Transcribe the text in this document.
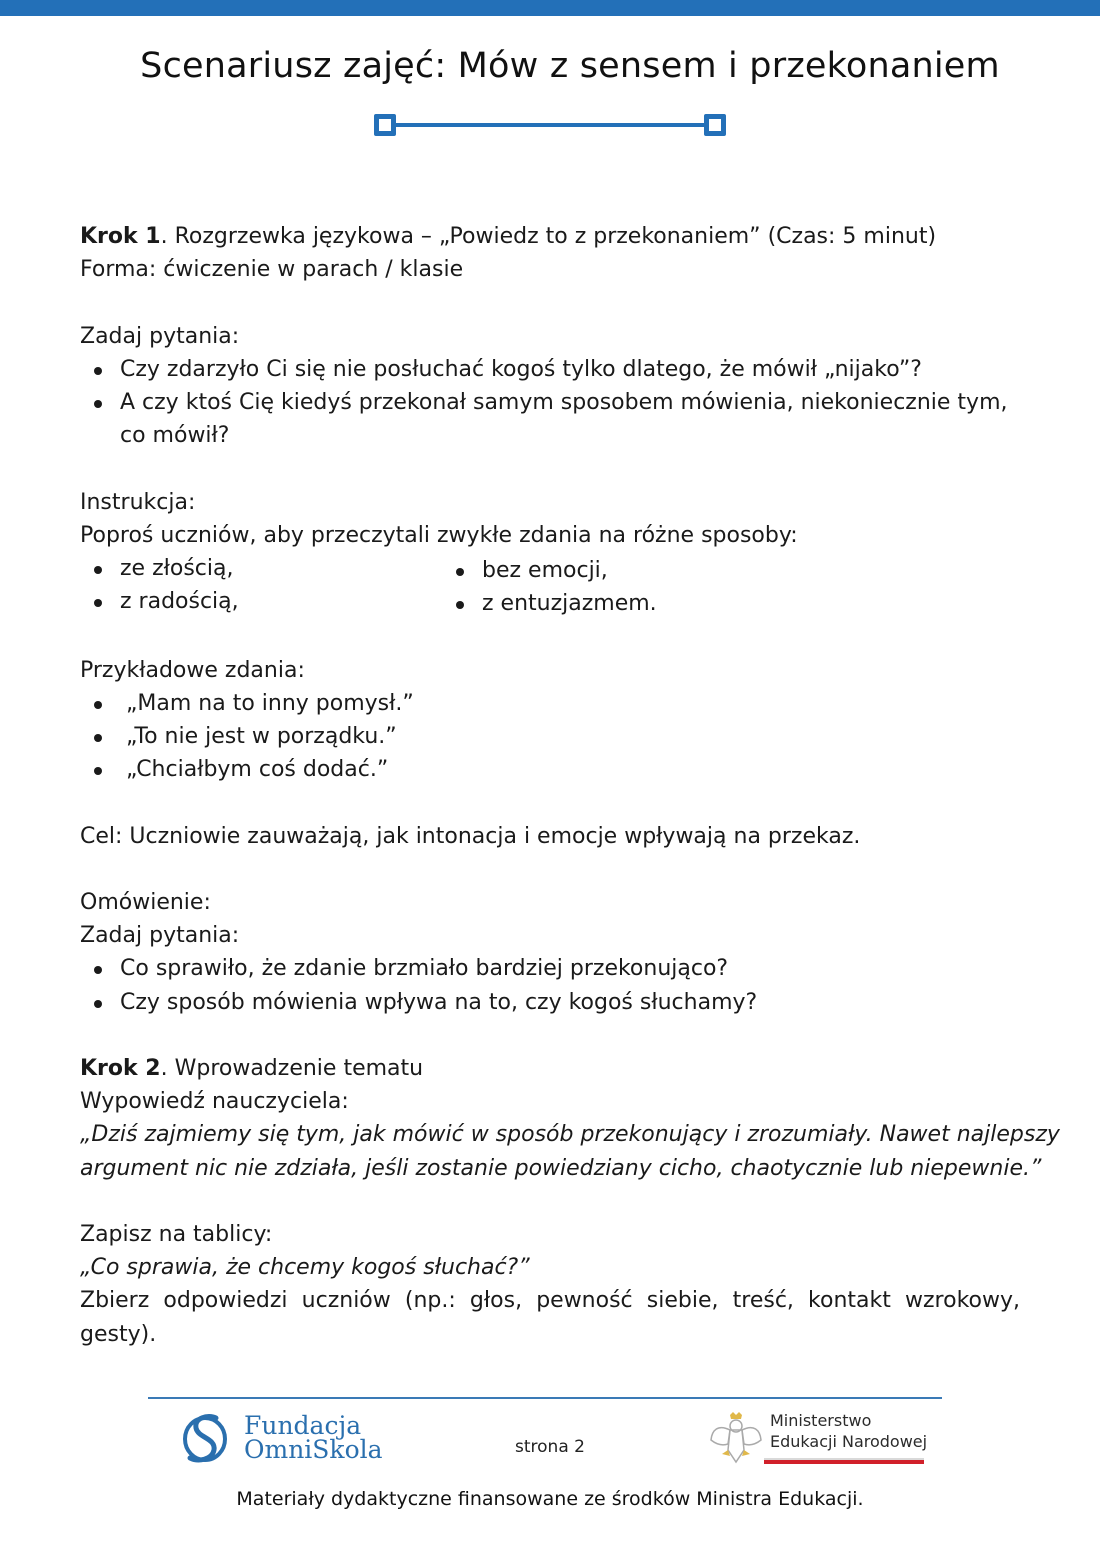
Scenariusz zajęć: Mów z sensem i przekonaniem

Krok 1. Rozgrzewka językowa – „Powiedz to z przekonaniem” (Czas: 5 minut)

Forma: ćwiczenie w parach / klasie

Zadaj pytania:

Czy zdarzyło Ci się nie posłuchać kogoś tylko dlatego, że mówił „nijako”?
A czy ktoś Cię kiedyś przekonał samym sposobem mówienia, niekoniecznie tym, co mówił?

Instrukcja:

Poproś uczniów, aby przeczytali zwykłe zdania na różne sposoby:

ze złością,
z radością,
bez emocji,
z entuzjazmem.

Przykładowe zdania:

„Mam na to inny pomysł.”
„To nie jest w porządku.”
„Chciałbym coś dodać.”

Cel: Uczniowie zauważają, jak intonacja i emocje wpływają na przekaz.

Omówienie:

Zadaj pytania:

Co sprawiło, że zdanie brzmiało bardziej przekonująco?
Czy sposób mówienia wpływa na to, czy kogoś słuchamy?

Krok 2. Wprowadzenie tematu

Wypowiedź nauczyciela:

„Dziś zajmiemy się tym, jak mówić w sposób przekonujący i zrozumiały. Nawet najlepszy

argument nic nie zdziała, jeśli zostanie powiedziany cicho, chaotycznie lub niepewnie.”

Zapisz na tablicy:

„Co sprawia, że chcemy kogoś słuchać?”

Zbierz odpowiedzi uczniów (np.: głos, pewność siebie, treść, kontakt wzrokowy, gesty).

Fundacja
OmniSkola	strona 2
Ministerstwo
Edukacji Narodowej
Materiały dydaktyczne finansowane ze środków Ministra Edukacji.
